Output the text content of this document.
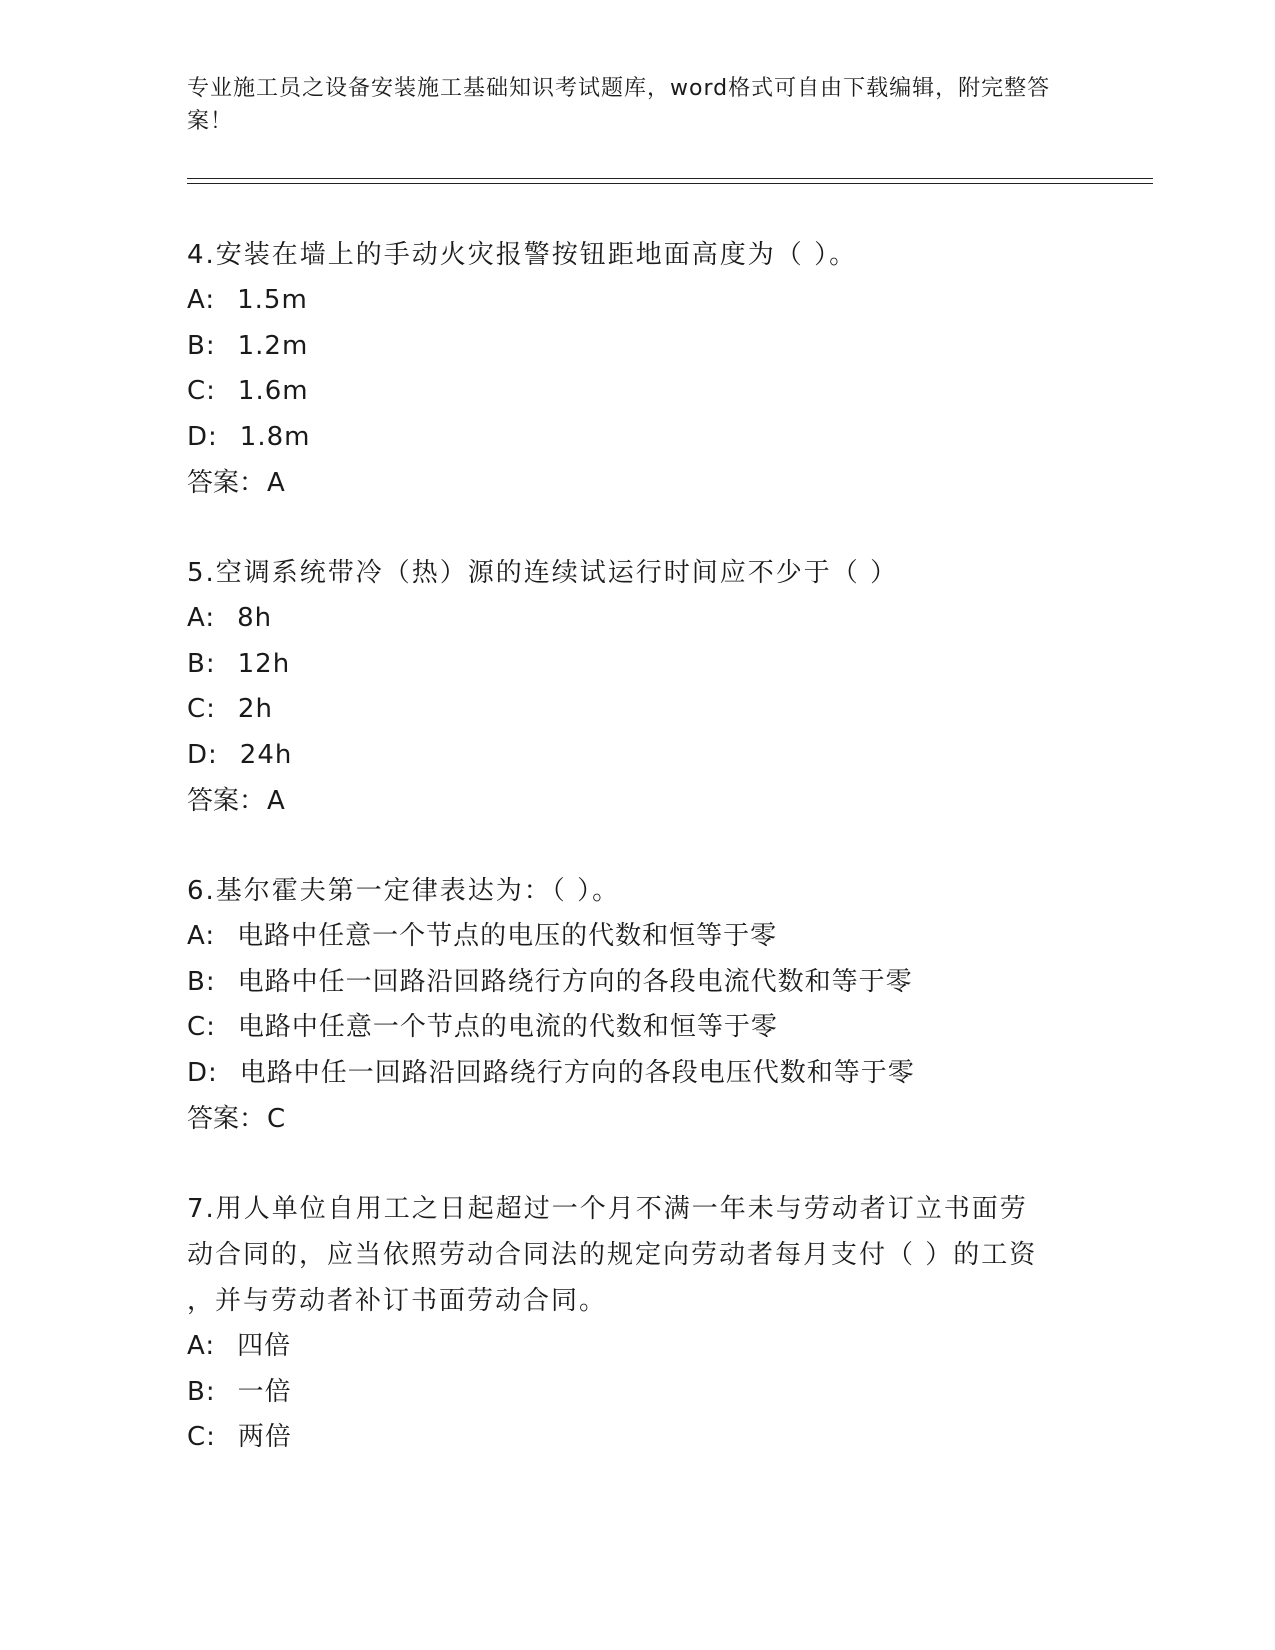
专业施工员之设备安装施工基础知识考试题库，word格式可自由下载编辑，附完整答案！

4.安装在墙上的手动火灾报警按钮距地面高度为（ ）。

A: 1.5m

B: 1.2m

C: 1.6m

D: 1.8m

答案：A

5.空调系统带冷（热）源的连续试运行时间应不少于（ ）

A: 8h

B: 12h

C: 2h

D: 24h

答案：A

6.基尔霍夫第一定律表达为：（ ）。

A: 电路中任意一个节点的电压的代数和恒等于零

B: 电路中任一回路沿回路绕行方向的各段电流代数和等于零

C: 电路中任意一个节点的电流的代数和恒等于零

D: 电路中任一回路沿回路绕行方向的各段电压代数和等于零

答案：C

7.用人单位自用工之日起超过一个月不满一年未与劳动者订立书面劳

动合同的，应当依照劳动合同法的规定向劳动者每月支付（ ）的工资

，并与劳动者补订书面劳动合同。

A: 四倍

B: 一倍

C: 两倍
